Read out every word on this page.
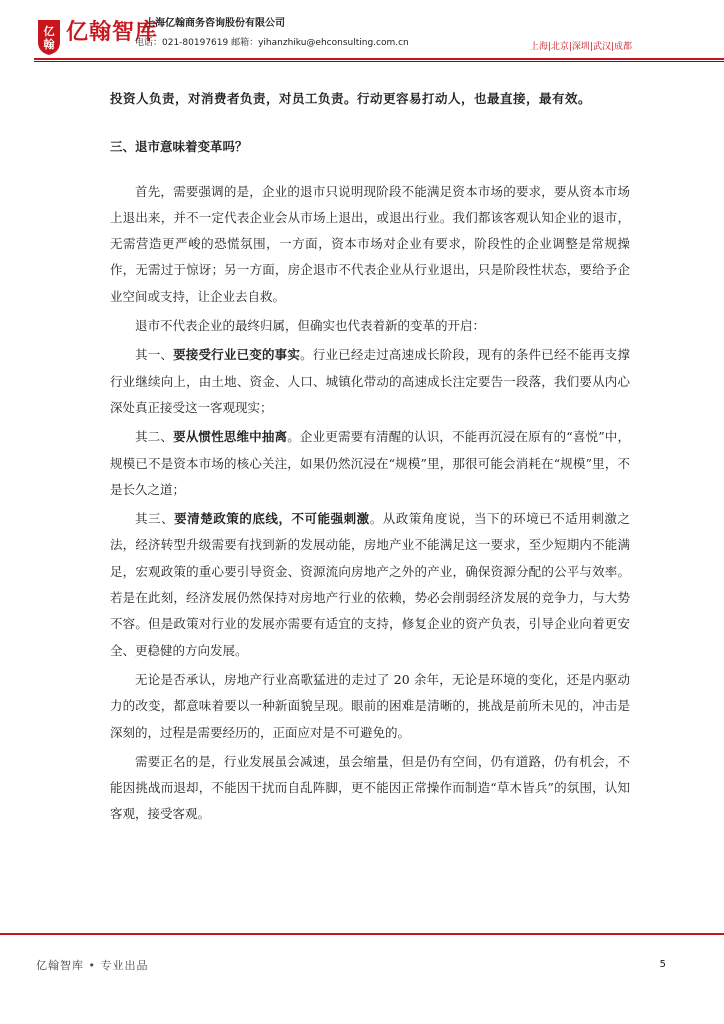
亿
翰 亿翰智库
上海亿翰商务咨询股份有限公司
电话：021-80197619 邮箱：yihanzhiku@ehconsulting.com.cn	上海|北京|深圳|武汉|成都

投资人负责，对消费者负责，对员工负责。行动更容易打动人，也最直接，最有效。

三、退市意味着变革吗？

首先，需要强调的是，企业的退市只说明现阶段不能满足资本市场的要求，要从资本市场上退出来，并不一定代表企业会从市场上退出，或退出行业。我们都该客观认知企业的退市，无需营造更严峻的恐慌氛围，一方面，资本市场对企业有要求，阶段性的企业调整是常规操作，无需过于惊讶；另一方面，房企退市不代表企业从行业退出，只是阶段性状态，要给予企业空间或支持，让企业去自救。

退市不代表企业的最终归属，但确实也代表着新的变革的开启：

其一、要接受行业已变的事实。行业已经走过高速成长阶段，现有的条件已经不能再支撑行业继续向上，由土地、资金、人口、城镇化带动的高速成长注定要告一段落，我们要从内心深处真正接受这一客观现实；

其二、要从惯性思维中抽离。企业更需要有清醒的认识，不能再沉浸在原有的“喜悦”中，规模已不是资本市场的核心关注，如果仍然沉浸在“规模”里，那很可能会消耗在“规模”里，不是长久之道；

其三、要清楚政策的底线，不可能强刺激。从政策角度说，当下的环境已不适用刺激之法，经济转型升级需要有找到新的发展动能，房地产业不能满足这一要求，至少短期内不能满足，宏观政策的重心要引导资金、资源流向房地产之外的产业，确保资源分配的公平与效率。若是在此刻，经济发展仍然保持对房地产行业的依赖，势必会削弱经济发展的竞争力，与大势不容。但是政策对行业的发展亦需要有适宜的支持，修复企业的资产负表，引导企业向着更安全、更稳健的方向发展。

无论是否承认，房地产行业高歌猛进的走过了 20 余年，无论是环境的变化，还是内驱动力的改变，都意味着要以一种新面貌呈现。眼前的困难是清晰的，挑战是前所未见的，冲击是深刻的，过程是需要经历的，正面应对是不可避免的。

需要正名的是，行业发展虽会减速，虽会缩量，但是仍有空间，仍有道路，仍有机会，不能因挑战而退却，不能因干扰而自乱阵脚，更不能因正常操作而制造“草木皆兵”的氛围，认知客观，接受客观。

亿翰智库 • 专业出品	5
